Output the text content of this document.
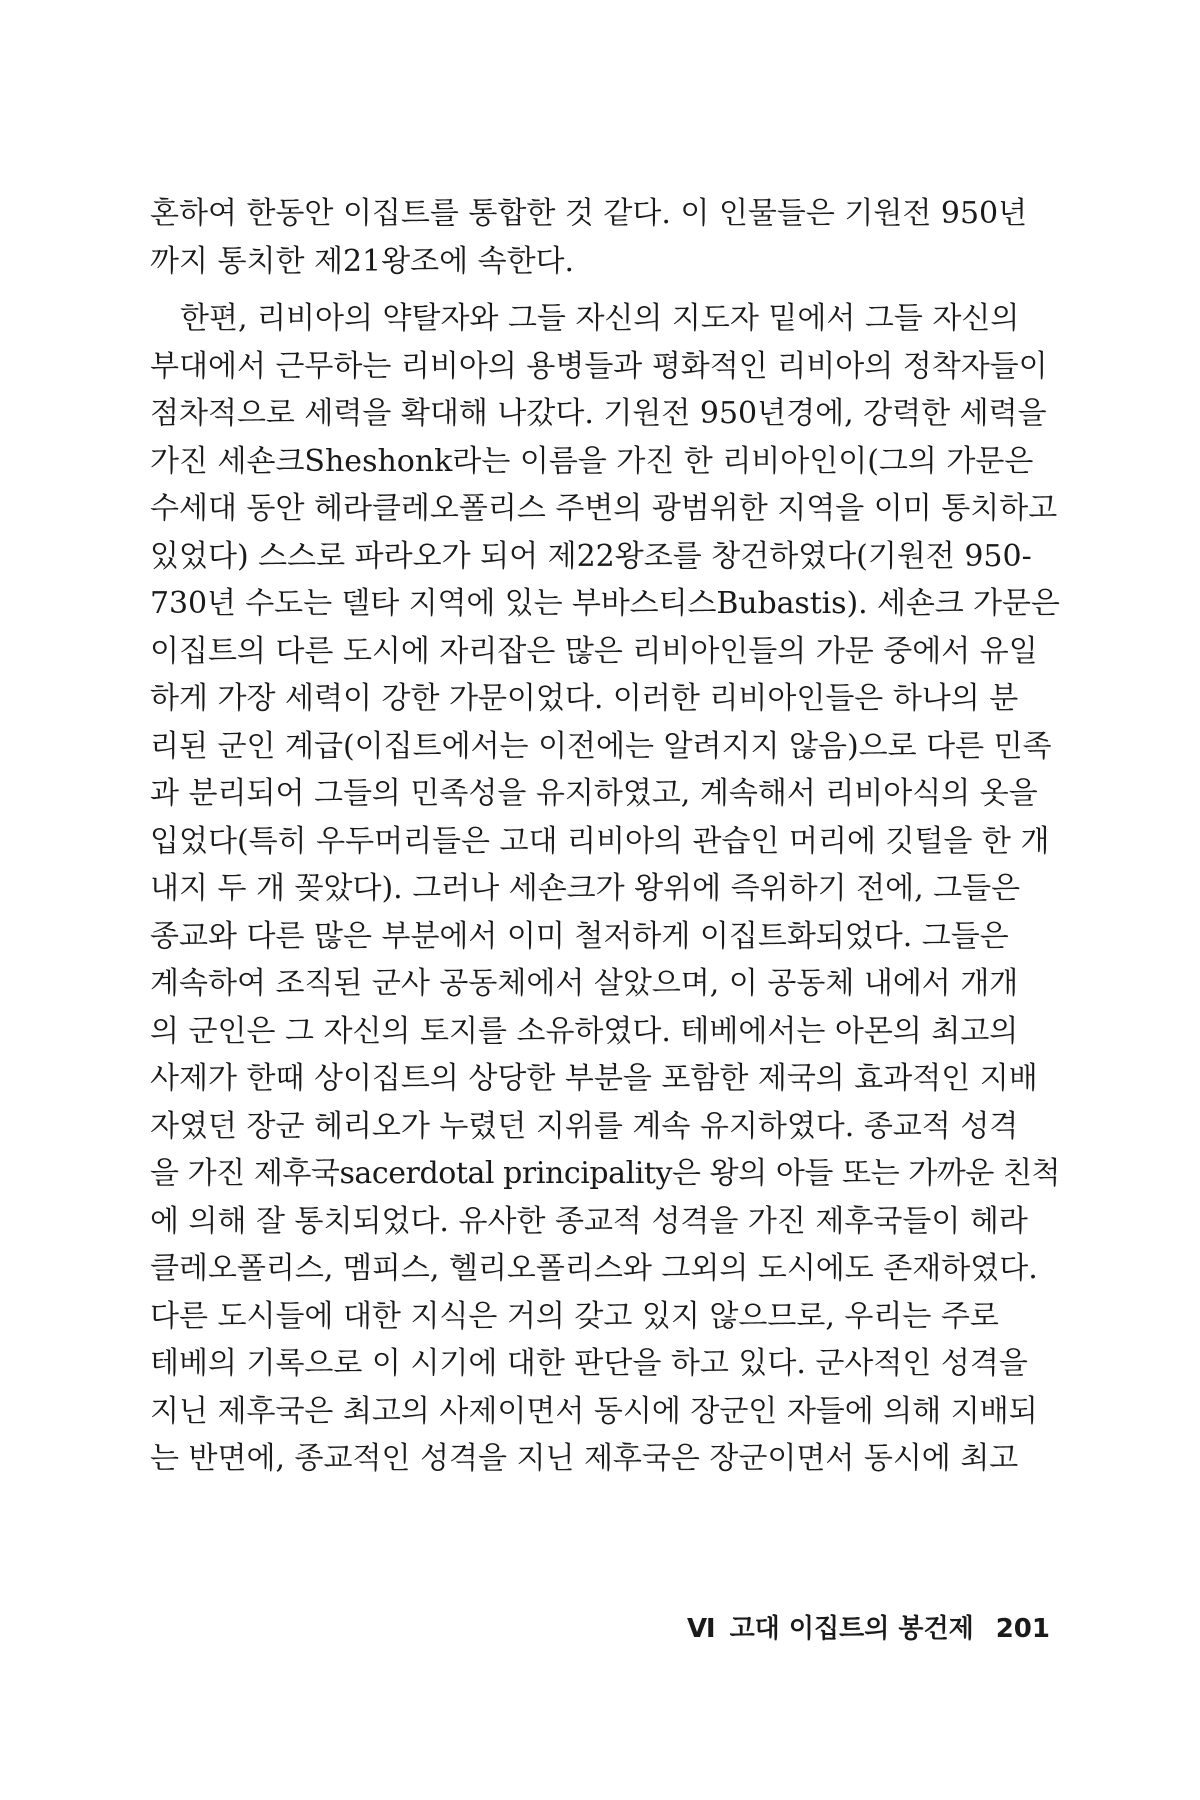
혼하여 한동안 이집트를 통합한 것 같다. 이 인물들은 기원전 950년
까지 통치한 제21왕조에 속한다.
한편, 리비아의 약탈자와 그들 자신의 지도자 밑에서 그들 자신의
부대에서 근무하는 리비아의 용병들과 평화적인 리비아의 정착자들이
점차적으로 세력을 확대해 나갔다. 기원전 950년경에, 강력한 세력을
가진 세숀크Sheshonk라는 이름을 가진 한 리비아인이(그의 가문은
수세대 동안 헤라클레오폴리스 주변의 광범위한 지역을 이미 통치하고
있었다) 스스로 파라오가 되어 제22왕조를 창건하였다(기원전 950-
730년 수도는 델타 지역에 있는 부바스티스Bubastis). 세숀크 가문은
이집트의 다른 도시에 자리잡은 많은 리비아인들의 가문 중에서 유일
하게 가장 세력이 강한 가문이었다. 이러한 리비아인들은 하나의 분
리된 군인 계급(이집트에서는 이전에는 알려지지 않음)으로 다른 민족
과 분리되어 그들의 민족성을 유지하였고, 계속해서 리비아식의 옷을
입었다(특히 우두머리들은 고대 리비아의 관습인 머리에 깃털을 한 개
내지 두 개 꽂았다). 그러나 세숀크가 왕위에 즉위하기 전에, 그들은
종교와 다른 많은 부분에서 이미 철저하게 이집트화되었다. 그들은
계속하여 조직된 군사 공동체에서 살았으며, 이 공동체 내에서 개개
의 군인은 그 자신의 토지를 소유하였다. 테베에서는 아몬의 최고의
사제가 한때 상이집트의 상당한 부분을 포함한 제국의 효과적인 지배
자였던 장군 헤리오가 누렸던 지위를 계속 유지하였다. 종교적 성격
을 가진 제후국sacerdotal principality은 왕의 아들 또는 가까운 친척
에 의해 잘 통치되었다. 유사한 종교적 성격을 가진 제후국들이 헤라
클레오폴리스, 멤피스, 헬리오폴리스와 그외의 도시에도 존재하였다.
다른 도시들에 대한 지식은 거의 갖고 있지 않으므로, 우리는 주로
테베의 기록으로 이 시기에 대한 판단을 하고 있다. 군사적인 성격을
지닌 제후국은 최고의 사제이면서 동시에 장군인 자들에 의해 지배되
는 반면에, 종교적인 성격을 지닌 제후국은 장군이면서 동시에 최고
Ⅵ 고대 이집트의 봉건제 201
